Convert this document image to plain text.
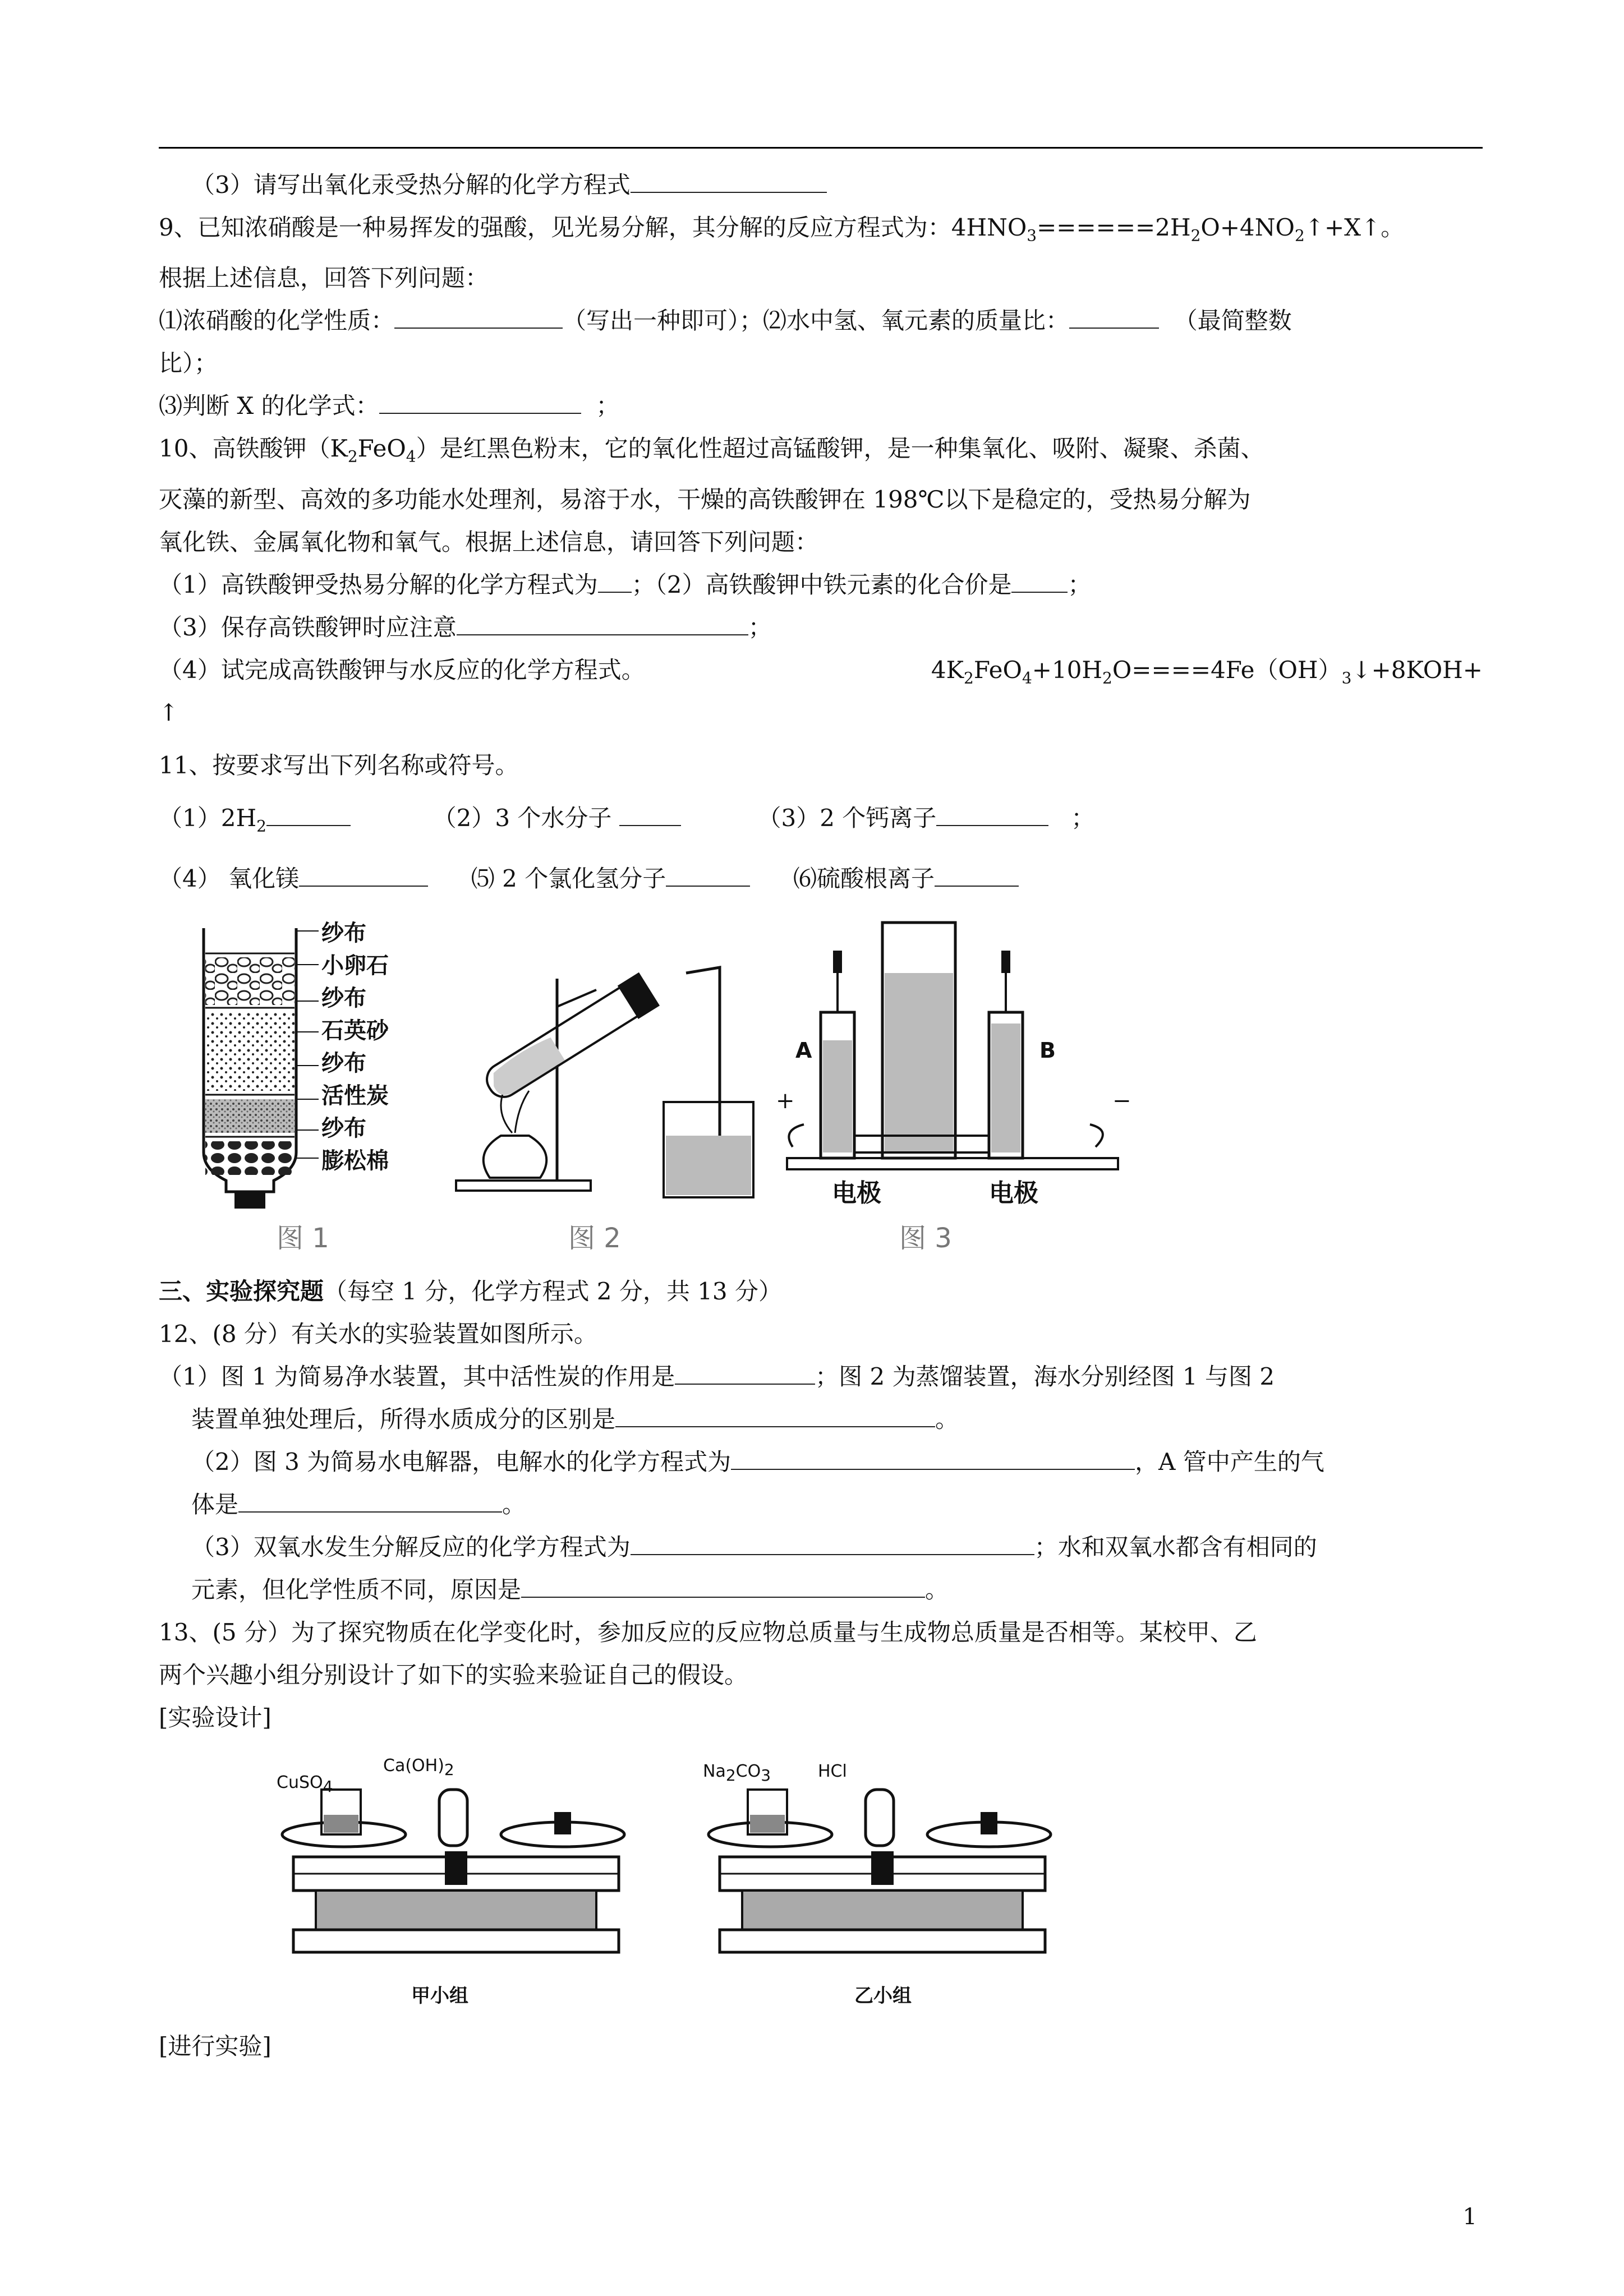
（3）请写出氧化汞受热分解的化学方程式
9、已知浓硝酸是一种易挥发的强酸，见光易分解，其分解的反应方程式为：$4HNO_3======2H_2O+4NO_2↑+X↑$。
根据上述信息，回答下列问题：
⑴浓硝酸的化学性质：	（写出一种即可）；⑵水中氢、氧元素的质量比：	（最简整数
比）；
⑶判断 X 的化学式：	；
10、高铁酸钾$(K_2FeO_4)$是红黑色粉末，它的氧化性超过高锰酸钾，是一种集氧化、吸附、凝聚、杀菌、
灭藻的新型、高效的多功能水处理剂，易溶于水，干燥的高铁酸钾在 198℃以下是稳定的，受热易分解为
氧化铁、金属氧化物和氧气。根据上述信息，请回答下列问题：
（1）高铁酸钾受热易分解的化学方程式为 ；（2）高铁酸钾中铁元素的化合价是 ；
（3）保存高铁酸钾时应注意	；
（4）试完成高铁酸钾与水反应的化学方程式。	$4K_2FeO_4+10H_2O====4Fe(OH)_3↓+8KOH+$
↑
11、按要求写出下列名称或符号。
$(1)2H_2$	（2）3 个水分子	（3）2 个钙离子	；
（4） 氧化镁	⑸ 2 个氯化氢分子	⑹硫酸根离子
纱布
小卵石
纱布
石英砂
纱布
活性炭
纱布
膨松棉
图 1	图 2
A	B
+	−
电极	电极
图 3
三、实验探究题（每空 1 分，化学方程式 2 分，共 13 分）
12、(8 分）有关水的实验装置如图所示。
（1）图 1 为简易净水装置，其中活性炭的作用是	；图 2 为蒸馏装置，海水分别经图 1 与图 2
装置单独处理后，所得水质成分的区别是	。
（2）图 3 为简易水电解器，电解水的化学方程式为	，A 管中产生的气
体是	。
（3）双氧水发生分解反应的化学方程式为	；水和双氧水都含有相同的
元素，但化学性质不同，原因是	。
13、(5 分）为了探究物质在化学变化时，参加反应的反应物总质量与生成物总质量是否相等。某校甲、乙
两个兴趣小组分别设计了如下的实验来验证自己的假设。
[实验设计]
CuSO$_4$
$Ca(OH)_2$
甲小组
$Na_2CO_3$	HCl
乙小组
[进行实验]
1
